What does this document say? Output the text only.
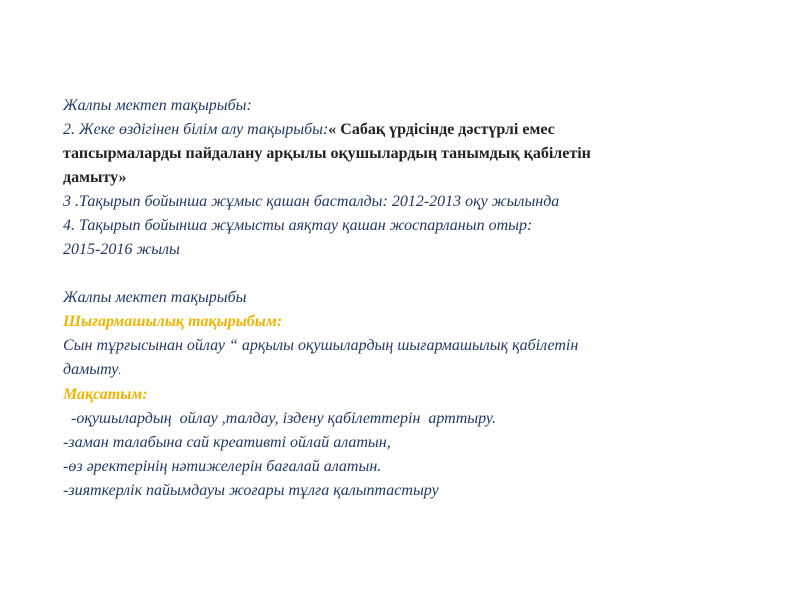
Жалпы мектеп тақырыбы:
2. Жеке өздігінен білім алу тақырыбы:« Сабақ үрдісінде дәстүрлі емес
тапсырмаларды пайдалану арқылы оқушылардың танымдық қабілетін
дамыту»
3 .Тақырып бойынша жұмыс қашан басталды: 2012-2013 оқу жылында
4. Тақырып бойынша жұмысты аяқтау қашан жоспарланып отыр:
2015-2016 жылы
Жалпы мектеп тақырыбы
Шығармашылық тақырыбым:
Сын тұрғысынан ойлау “ арқылы оқушылардың шығармашылық қабілетін
дамыту.
Мақсатым:
-оқушылардың  ойлау ,талдау, іздену қабілеттерін  арттыру.
-заман талабына сай креативті ойлай алатын,
-өз әректерінің нәтижелерін бағалай алатын.
-зияткерлік пайымдауы жоғары тұлға қалыптастыру
